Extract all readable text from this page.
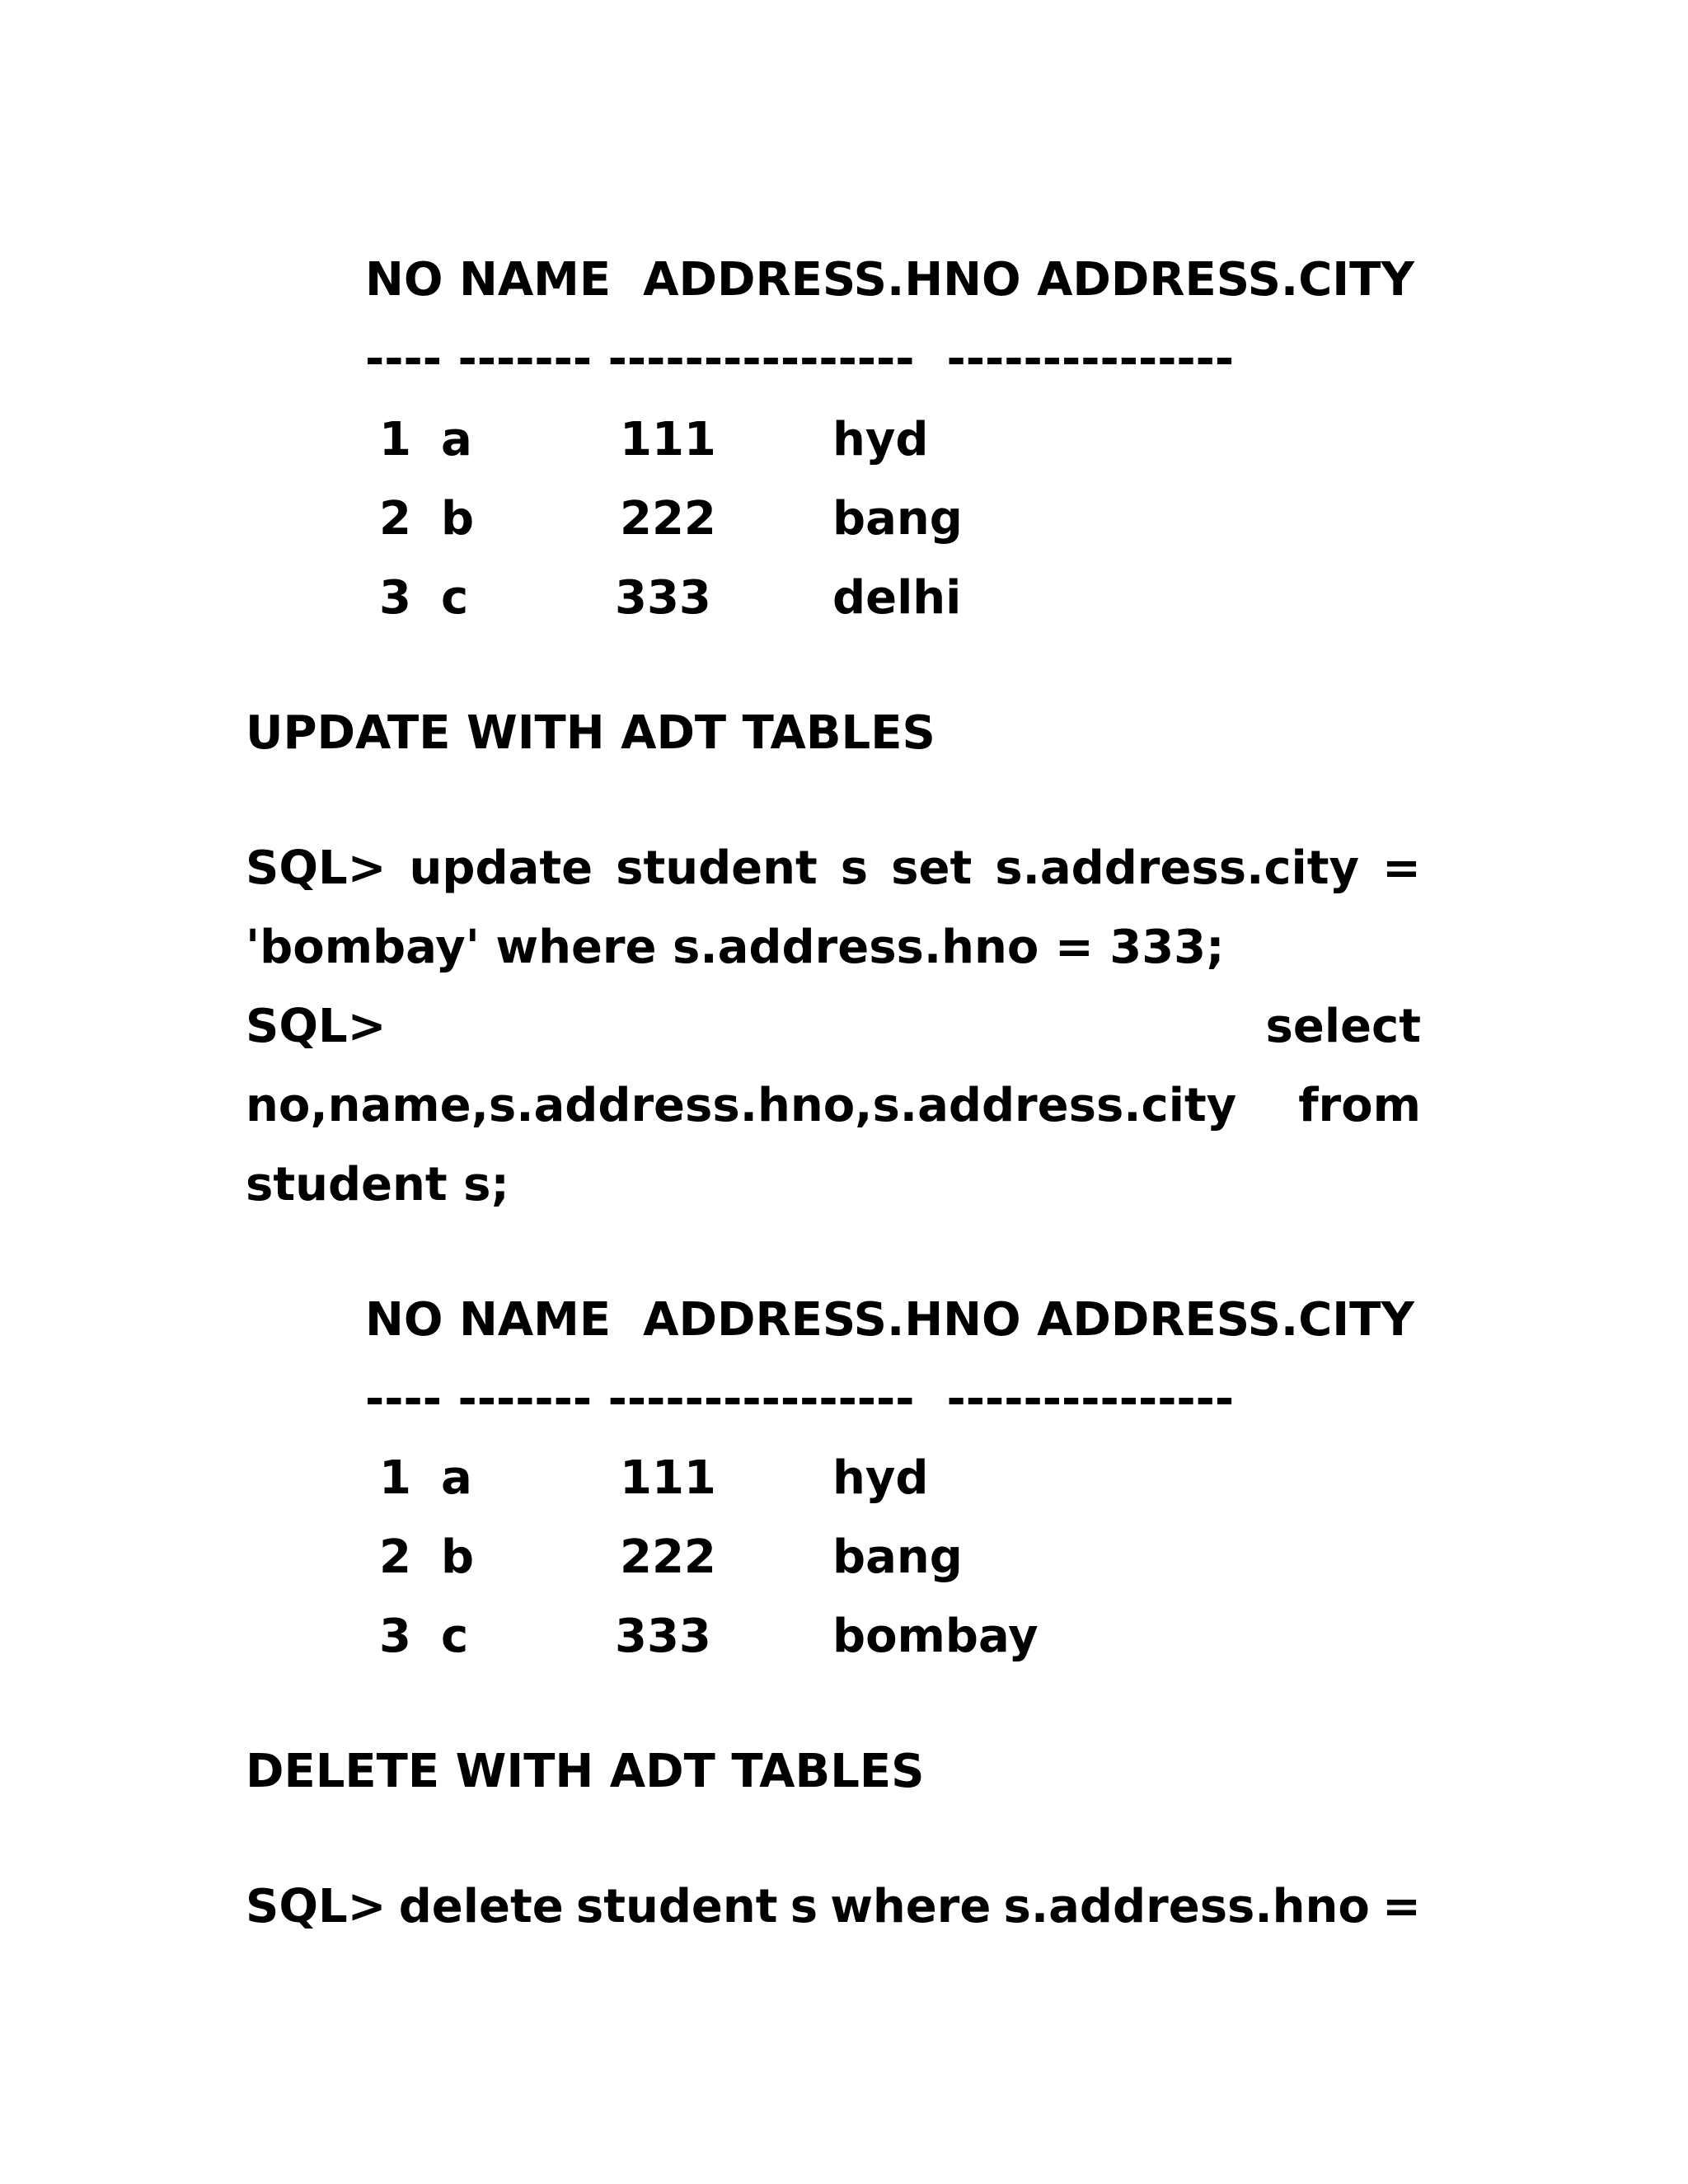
NO NAME  ADDRESS.HNO ADDRESS.CITY
---- ------- ----------------  ---------------
1 a	111	hyd
2 b	222	bang
3 c	333	delhi
UPDATE WITH ADT TABLES
SQL> update student s set s.address.city =
'bombay' where s.address.hno = 333;
SQL>	select
no,name,s.address.hno,s.address.city from
student s;
NO NAME  ADDRESS.HNO ADDRESS.CITY
---- ------- ----------------  ---------------
1 a	111	hyd
2 b	222	bang
3 c	333	bombay
DELETE WITH ADT TABLES
SQL> delete student s where s.address.hno =
